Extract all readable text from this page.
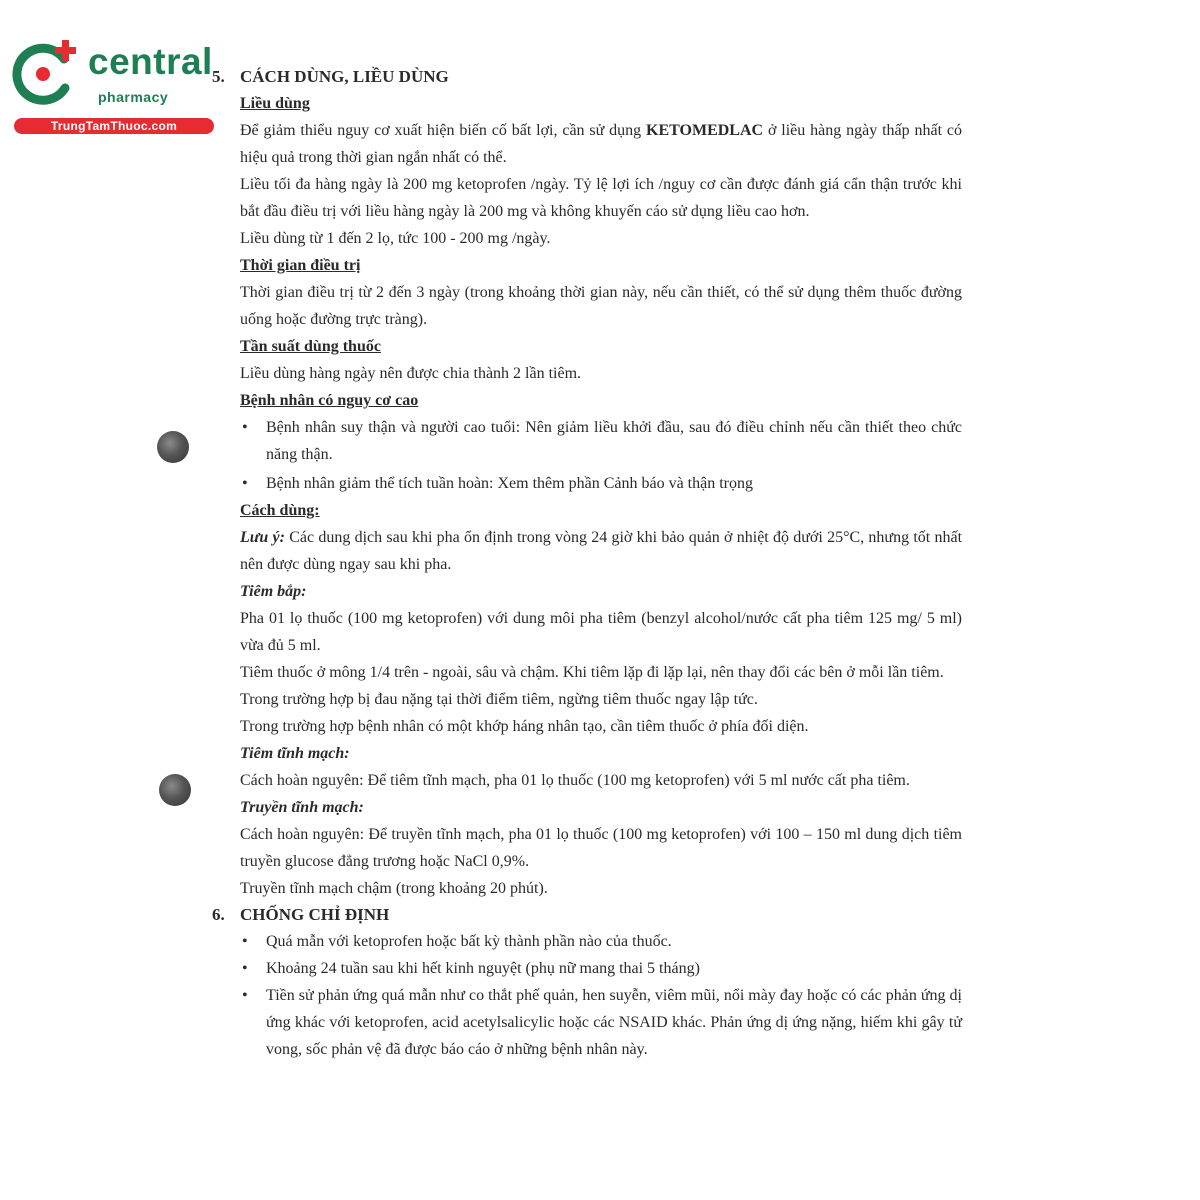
central
pharmacy
TrungTamThuoc.com
5. CÁCH DÙNG, LIỀU DÙNG

Liều dùng

Để giảm thiểu nguy cơ xuất hiện biến cố bất lợi, cần sử dụng KETOMEDLAC ở liều hàng ngày thấp nhất có hiệu quả trong thời gian ngắn nhất có thể.

Liều tối đa hàng ngày là 200 mg ketoprofen /ngày. Tỷ lệ lợi ích /nguy cơ cần được đánh giá cẩn thận trước khi bắt đầu điều trị với liều hàng ngày là 200 mg và không khuyến cáo sử dụng liều cao hơn.

Liều dùng từ 1 đến 2 lọ, tức 100 - 200 mg /ngày.

Thời gian điều trị

Thời gian điều trị từ 2 đến 3 ngày (trong khoảng thời gian này, nếu cần thiết, có thể sử dụng thêm thuốc đường uống hoặc đường trực tràng).

Tần suất dùng thuốc

Liều dùng hàng ngày nên được chia thành 2 lần tiêm.

Bệnh nhân có nguy cơ cao

• Bệnh nhân suy thận và người cao tuổi: Nên giảm liều khởi đầu, sau đó điều chỉnh nếu cần thiết theo chức năng thận.
• Bệnh nhân giảm thể tích tuần hoàn: Xem thêm phần Cảnh báo và thận trọng

Cách dùng:

Lưu ý: Các dung dịch sau khi pha ổn định trong vòng 24 giờ khi bảo quản ở nhiệt độ dưới 25°C, nhưng tốt nhất nên được dùng ngay sau khi pha.

Tiêm bắp:

Pha 01 lọ thuốc (100 mg ketoprofen) với dung môi pha tiêm (benzyl alcohol/nước cất pha tiêm 125 mg/ 5 ml) vừa đủ 5 ml.

Tiêm thuốc ở mông 1/4 trên - ngoài, sâu và chậm. Khi tiêm lặp đi lặp lại, nên thay đổi các bên ở mỗi lần tiêm.

Trong trường hợp bị đau nặng tại thời điểm tiêm, ngừng tiêm thuốc ngay lập tức.

Trong trường hợp bệnh nhân có một khớp háng nhân tạo, cần tiêm thuốc ở phía đối diện.

Tiêm tĩnh mạch:

Cách hoàn nguyên: Để tiêm tĩnh mạch, pha 01 lọ thuốc (100 mg ketoprofen) với 5 ml nước cất pha tiêm.

Truyền tĩnh mạch:

Cách hoàn nguyên: Để truyền tĩnh mạch, pha 01 lọ thuốc (100 mg ketoprofen) với 100 – 150 ml dung dịch tiêm truyền glucose đẳng trương hoặc NaCl 0,9%.

Truyền tĩnh mạch chậm (trong khoảng 20 phút).

6. CHỐNG CHỈ ĐỊNH
• Quá mẫn với ketoprofen hoặc bất kỳ thành phần nào của thuốc.
• Khoảng 24 tuần sau khi hết kinh nguyệt (phụ nữ mang thai 5 tháng)
• Tiền sử phản ứng quá mẫn như co thắt phế quản, hen suyễn, viêm mũi, nổi mày đay hoặc có các phản ứng dị ứng khác với ketoprofen, acid acetylsalicylic hoặc các NSAID khác. Phản ứng dị ứng nặng, hiếm khi gây tử vong, sốc phản vệ đã được báo cáo ở những bệnh nhân này.
